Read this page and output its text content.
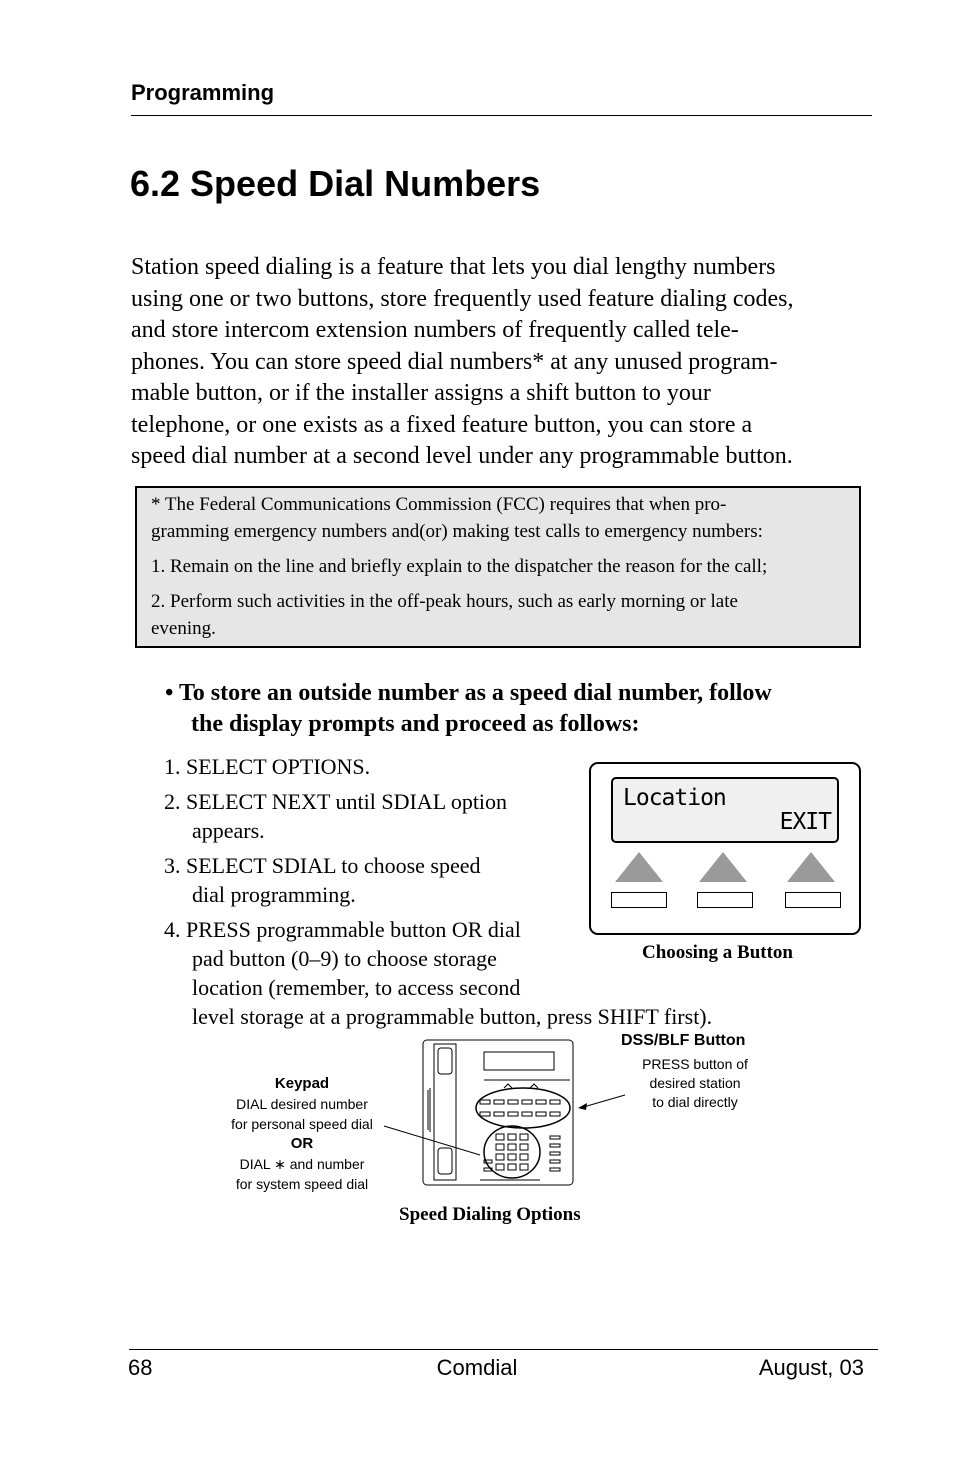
Programming
6.2 Speed Dial Numbers
Station speed dialing is a feature that lets you dial lengthy numbers
using one or two buttons, store frequently used feature dialing codes,
and store intercom extension numbers of frequently called tele-
phones. You can store speed dial numbers* at any unused program-
mable button, or if the installer assigns a shift button to your
telephone, or one exists as a fixed feature button, you can store a
speed dial number at a second level under any programmable button.

* The Federal Communications Commission (FCC) requires that when pro-

gramming emergency numbers and(or) making test calls to emergency numbers:

1. Remain on the line and briefly explain to the dispatcher the reason for the call;

2. Perform such activities in the off-peak hours, such as early morning or late

evening.

• To store an outside number as a speed dial number, follow
the display prompts and proceed as follows:
1. SELECT OPTIONS.
2. SELECT NEXT until SDIAL option
appears.
3. SELECT SDIAL to choose speed
dial programming.
4. PRESS programmable button OR dial
pad button (0–9) to choose storage
location (remember, to access second
level storage at a programmable button, press SHIFT first).
Location
EXIT
Choosing a Button
Keypad
DIAL desired number
for personal speed dial
OR
DIAL ∗ and number
for system speed dial
DSS/BLF Button
PRESS button of
desired station
to dial directly
Speed Dialing Options
68	Comdial	August, 03
